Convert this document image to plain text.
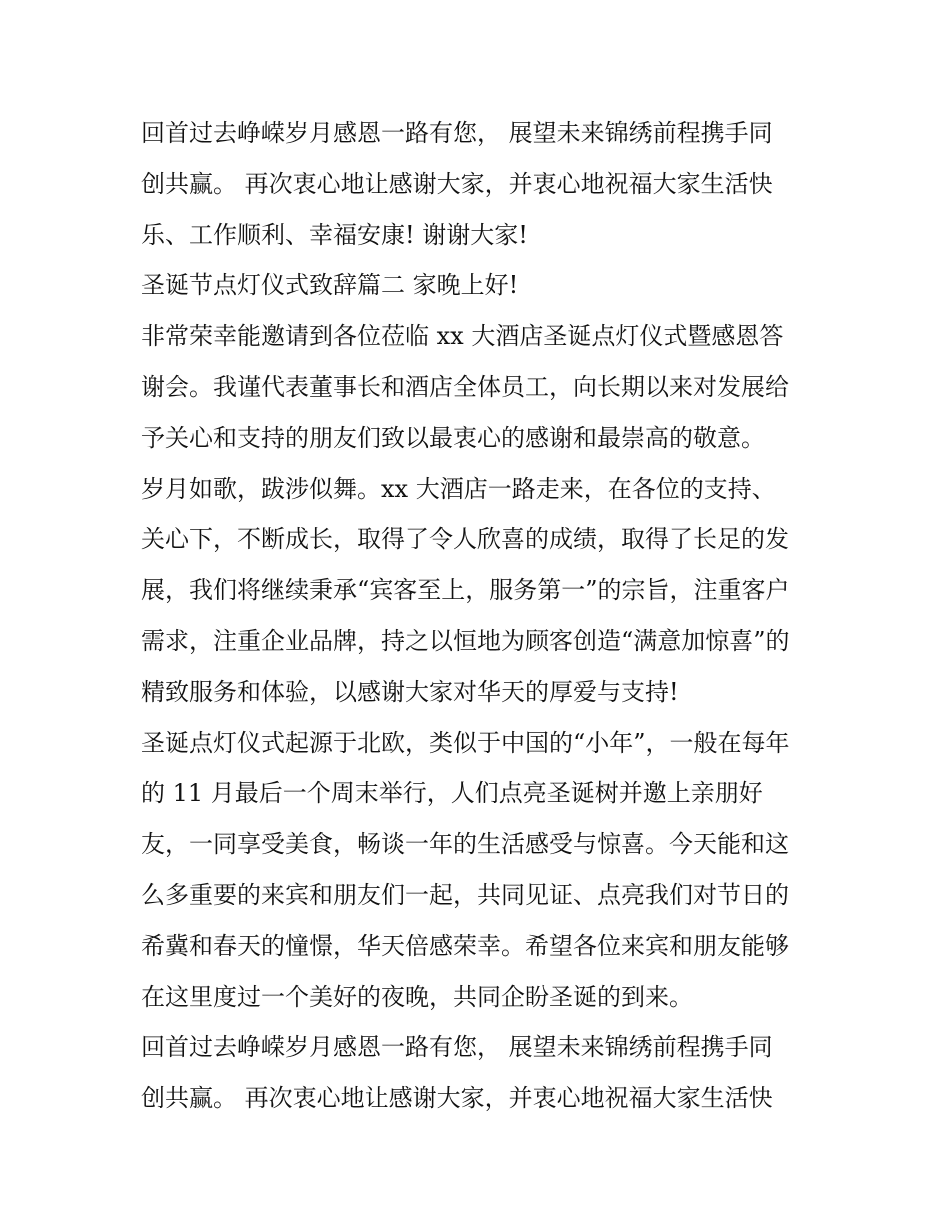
回首过去峥嵘岁月感恩一路有您， 展望未来锦绣前程携手同
创共赢。 再次衷心地让感谢大家，并衷心地祝福大家生活快
乐、工作顺利、幸福安康! 谢谢大家!
圣诞节点灯仪式致辞篇二 家晚上好!
非常荣幸能邀请到各位莅临 xx 大酒店圣诞点灯仪式暨感恩答
谢会。我谨代表董事长和酒店全体员工，向长期以来对发展给
予关心和支持的朋友们致以最衷心的感谢和最崇高的敬意。
岁月如歌，跋涉似舞。xx 大酒店一路走来，在各位的支持、
关心下，不断成长，取得了令人欣喜的成绩，取得了长足的发
展，我们将继续秉承“宾客至上，服务第一”的宗旨，注重客户
需求，注重企业品牌，持之以恒地为顾客创造“满意加惊喜”的
精致服务和体验，以感谢大家对华天的厚爱与支持!
圣诞点灯仪式起源于北欧，类似于中国的“小年”，一般在每年
的 11 月最后一个周末举行，人们点亮圣诞树并邀上亲朋好
友，一同享受美食，畅谈一年的生活感受与惊喜。今天能和这
么多重要的来宾和朋友们一起，共同见证、点亮我们对节日的
希冀和春天的憧憬，华天倍感荣幸。希望各位来宾和朋友能够
在这里度过一个美好的夜晚，共同企盼圣诞的到来。
回首过去峥嵘岁月感恩一路有您， 展望未来锦绣前程携手同
创共赢。 再次衷心地让感谢大家，并衷心地祝福大家生活快
